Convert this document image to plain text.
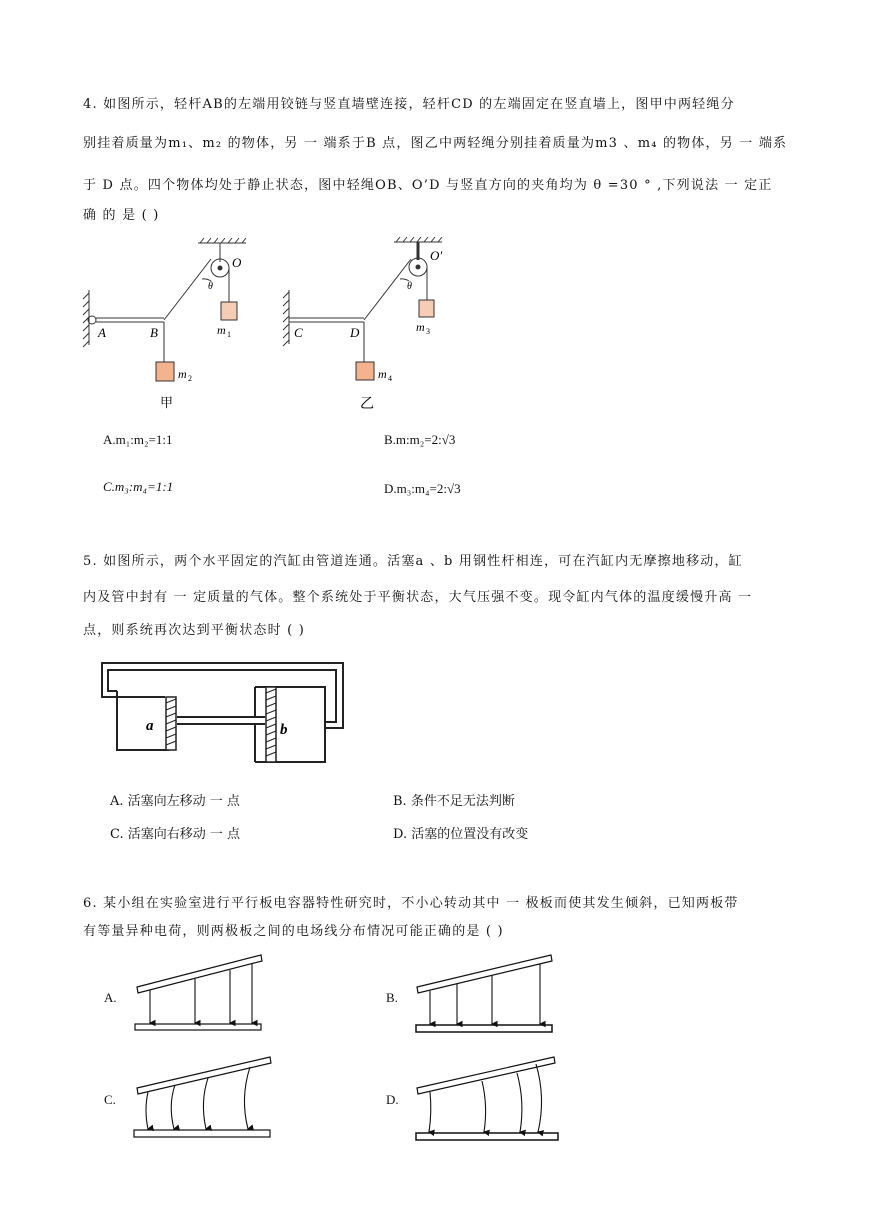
4. 如图所示，轻杆AB的左端用铰链与竖直墙壁连接，轻杆CD 的左端固定在竖直墙上，图甲中两轻绳分
别挂着质量为m₁、m₂ 的物体，另 一 端系于B 点，图乙中两轻绳分别挂着质量为m3 、m₄ 的物体，另 一 端系
于 D 点。四个物体均处于静止状态，图中轻绳OB、O’D 与竖直方向的夹角均为 θ =30 ° ,下列说法 一 定正
确 的 是 ( )
A	B
O
θ
m 1
m 2
甲
C	D
O′
θ
m 3
m 4
乙
A.m₁:m₂=1:1	B.m:m₂=2:√3
C.m₃:m₄=1:1	D.m₃:m₄=2:√3
5. 如图所示，两个水平固定的汽缸由管道连通。活塞a 、b 用钢性杆相连，可在汽缸内无摩擦地移动，缸
内及管中封有 一 定质量的气体。整个系统处于平衡状态，大气压强不变。现令缸内气体的温度缓慢升高 一
点，则系统再次达到平衡状态时 ( )
a	b
A. 活塞向左移动 一 点	B. 条件不足无法判断
C. 活塞向右移动 一 点	D. 活塞的位置没有改变
6. 某小组在实验室进行平行板电容器特性研究时，不小心转动其中 一 极板而使其发生倾斜，已知两板带
有等量异种电荷，则两极板之间的电场线分布情况可能正确的是 ( )
A.	B.
C.	D.
